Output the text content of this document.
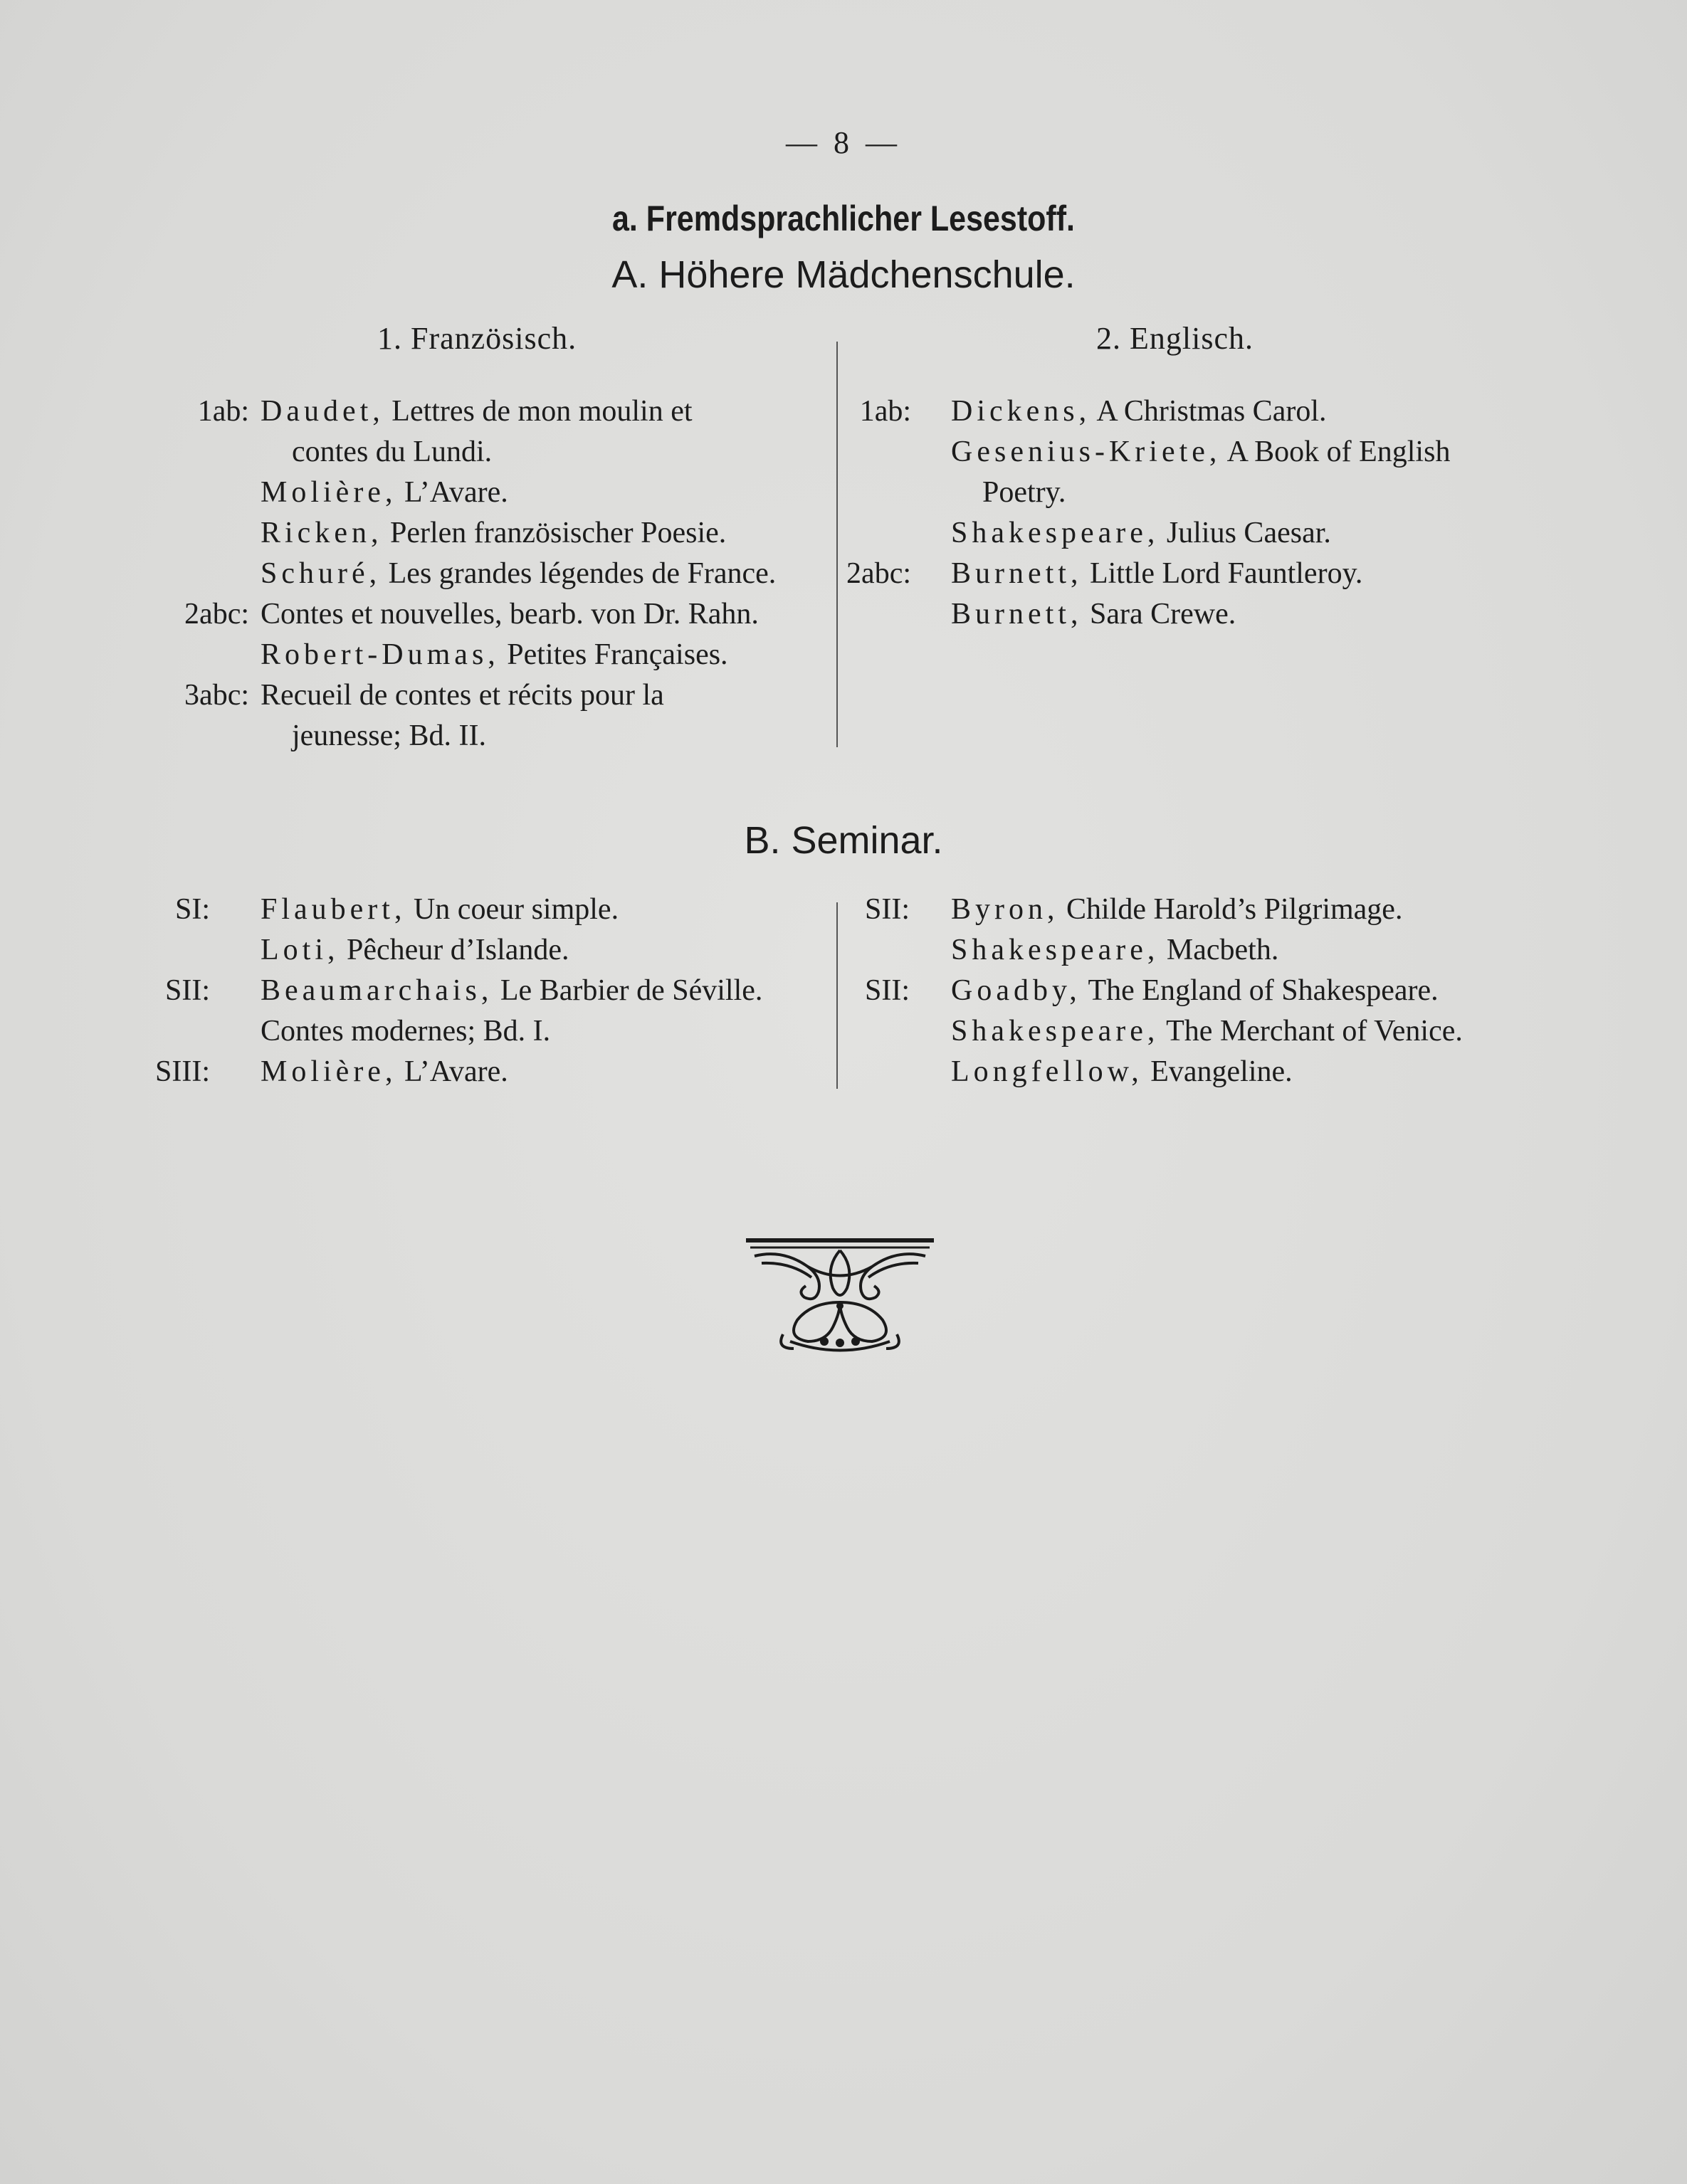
— 8 —
a. Fremdsprachlicher Lesestoff.
A. Höhere Mädchenschule.
1. Französisch.	2. Englisch.
1ab: Daudet, Lettres de mon moulin et
contes du Lundi.
Molière, L’Avare.
Ricken, Perlen französischer Poesie.
Schuré, Les grandes légendes de France.
2abc: Contes et nouvelles, bearb. von Dr. Rahn.
Robert-Dumas, Petites Françaises.
3abc: Recueil de contes et récits pour la
jeunesse; Bd. II.
1ab: Dickens, A Christmas Carol.
Gesenius-Kriete, A Book of English
Poetry.
Shakespeare, Julius Caesar.
2abc: Burnett, Little Lord Fauntleroy.
Burnett, Sara Crewe.
B. Seminar.
SI: Flaubert, Un coeur simple.
Loti, Pêcheur d’Islande.
SII: Beaumarchais, Le Barbier de Séville.
Contes modernes; Bd. I.
SIII: Molière, L’Avare.
SII: Byron, Childe Harold’s Pilgrimage.
Shakespeare, Macbeth.
SII: Goadby, The England of Shakespeare.
Shakespeare, The Merchant of Venice.
Longfellow, Evangeline.
